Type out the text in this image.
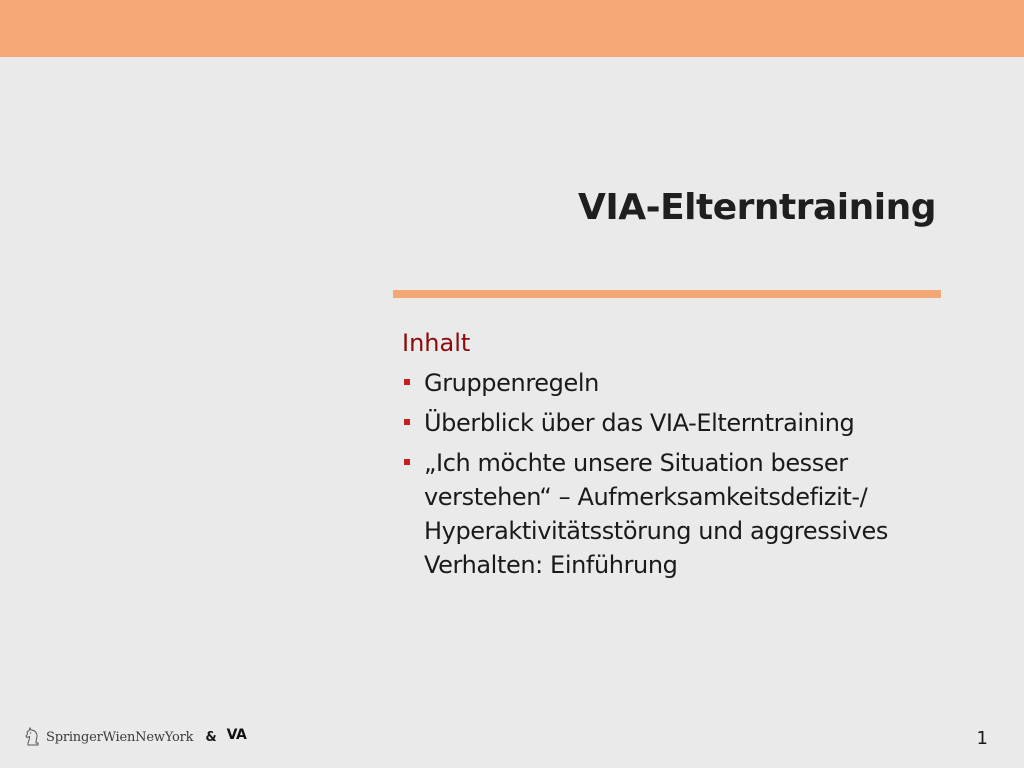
VIA-Elterntraining
Inhalt
Gruppenregeln
Überblick über das VIA-Elterntraining
„Ich möchte unsere Situation besser verstehen“ – Aufmerksamkeitsdefizit-/ Hyperaktivitätsstörung und aggressives Verhalten: Einführung
SpringerWienNewYork & VA	1
